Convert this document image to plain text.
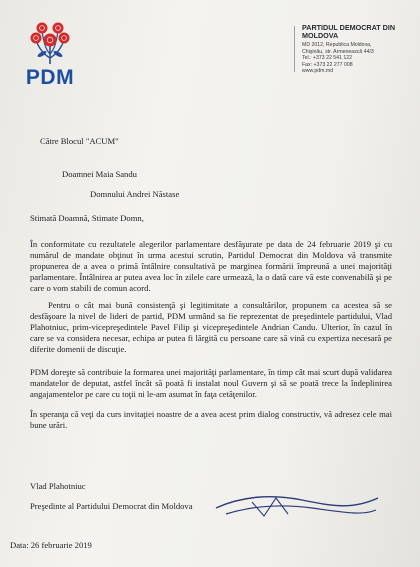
PDM
PARTIDUL DEMOCRAT DIN MOLDOVA
MD 2012, Republica Moldova,
Chişinău, str. Armenească 44/3
Tel.: +373 22 541 122
Fax: +373 22 277 008
www.pdm.md
Către Blocul "ACUM"
Doamnei Maia Sandu
Domnului Andrei Năstase
Stimată Doamnă, Stimate Domn,
În conformitate cu rezultatele alegerilor parlamentare desfăşurate pe data de 24 februarie 2019 şi cu numărul de mandate obţinut în urma acestui scrutin, Partidul Democrat din Moldova vă transmite propunerea de a avea o primă întâlnire consultativă pe marginea formării împreună a unei majorităţi parlamentare. Întâlnirea ar putea avea loc în zilele care urmează, la o dată care vă este convenabilă şi pe care o vom stabili de comun acord.
Pentru o cât mai bună consistenţă şi legitimitate a consultărilor, propunem ca acestea să se desfăşoare la nivel de lideri de partid, PDM urmând sa fie reprezentat de preşedintele partidului, Vlad Plahotniuc, prim-vicepreşedintele Pavel Filip şi vicepreşedintele Andrian Candu. Ulterior, în cazul în care se va considera necesar, echipa ar putea fi lărgită cu persoane care să vină cu expertiza necesară pe diferite domenii de discuţie.
PDM doreşte să contribuie la formarea unei majorităţi parlamentare, în timp cât mai scurt după validarea mandatelor de deputat, astfel încât să poată fi instalat noul Guvern şi să se poată trece la îndeplinirea angajamentelor pe care cu toţii ni le-am asumat în faţa cetăţenilor.
În speranţa că veţi da curs invitaţiei noastre de a avea acest prim dialog constructiv, vă adresez cele mai bune urări.
Vlad Plahotniuc
Preşedinte al Partidului Democrat din Moldova
Data: 26 februarie 2019
